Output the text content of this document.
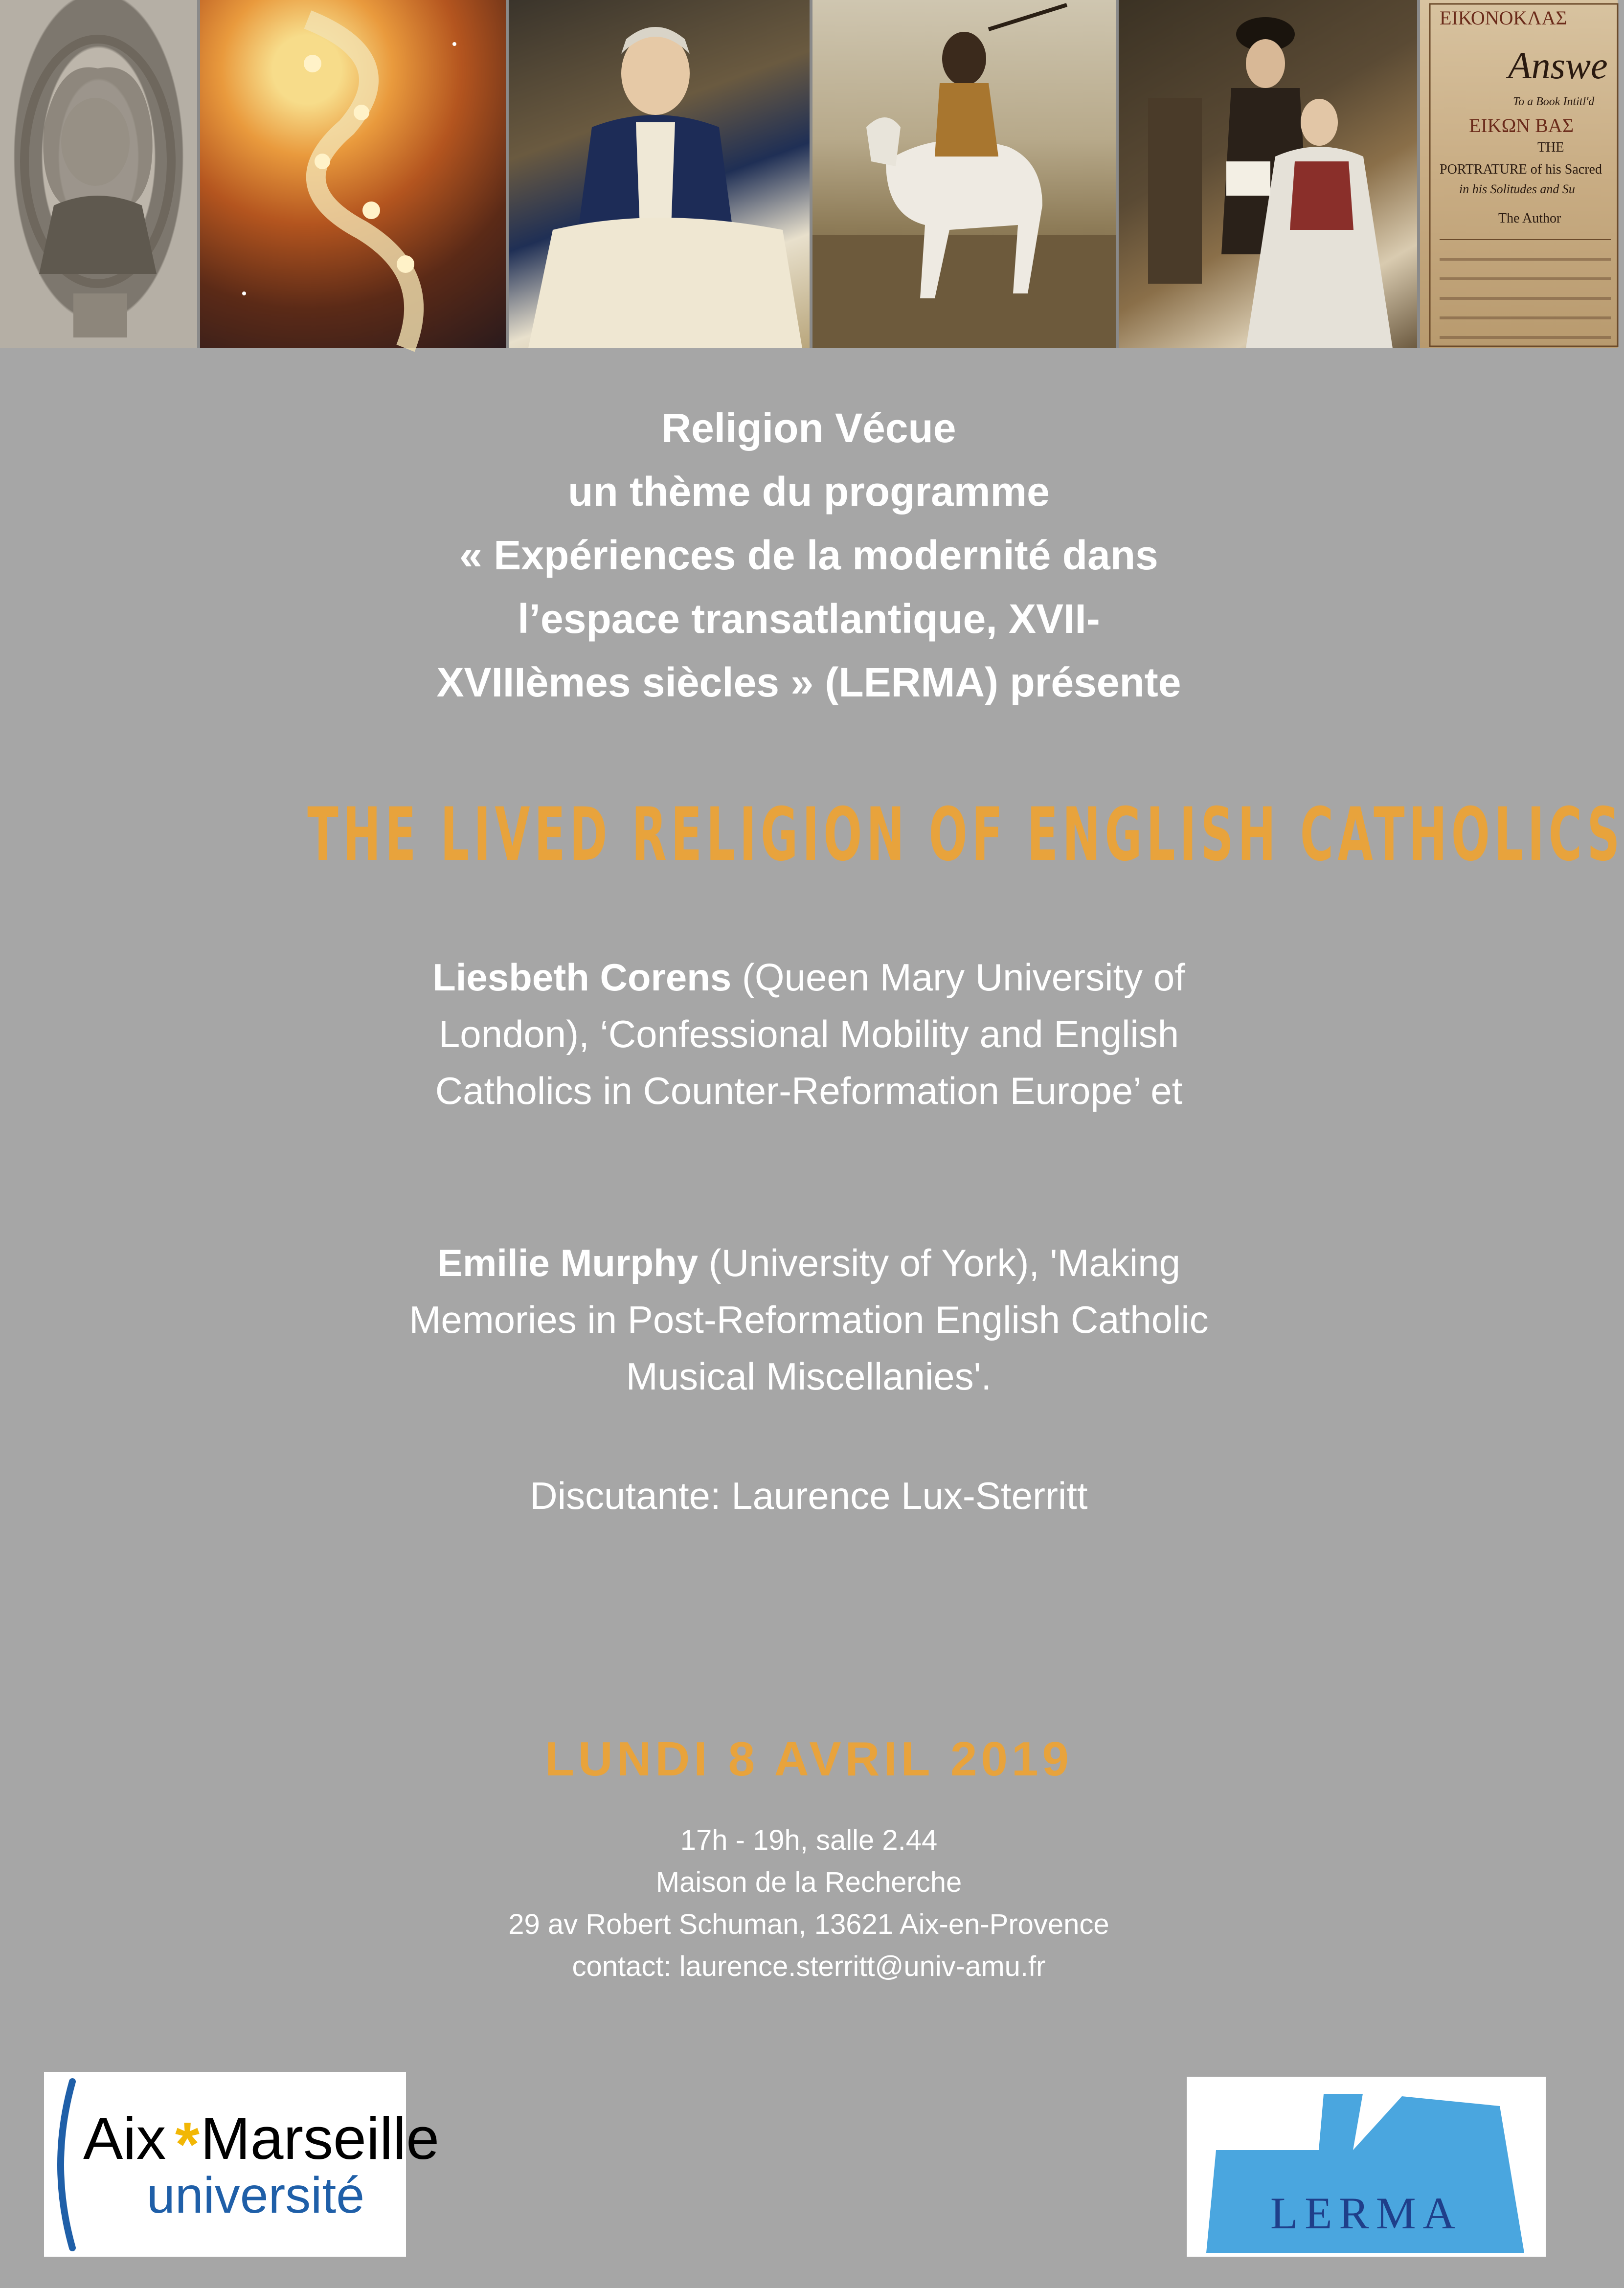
ΕΙΚΟΝΟΚΛΑΣ
Answe
To a Book Intitl'd
ΕΙΚΩΝ ΒΑΣ
THE
PORTRATURE of his Sacred
in his Solitudes and Su
The Author
Religion Vécue
un thème du programme
« Expériences de la modernité dans
l’espace transatlantique, XVII-
XVIIIèmes siècles » (LERMA) présente
THE LIVED RELIGION OF ENGLISH CATHOLICS
Liesbeth Corens (Queen Mary University of
London), ‘Confessional Mobility and English
Catholics in Counter-Reformation Europe’ et
Emilie Murphy (University of York), 'Making
Memories in Post-Reformation English Catholic
Musical Miscellanies'.
Discutante: Laurence Lux-Sterritt
LUNDI 8 AVRIL 2019
17h - 19h, salle 2.44
Maison de la Recherche
29 av Robert Schuman, 13621 Aix-en-Provence
contact: laurence.sterritt@univ-amu.fr
Aix * Marseille
université	LERMA
